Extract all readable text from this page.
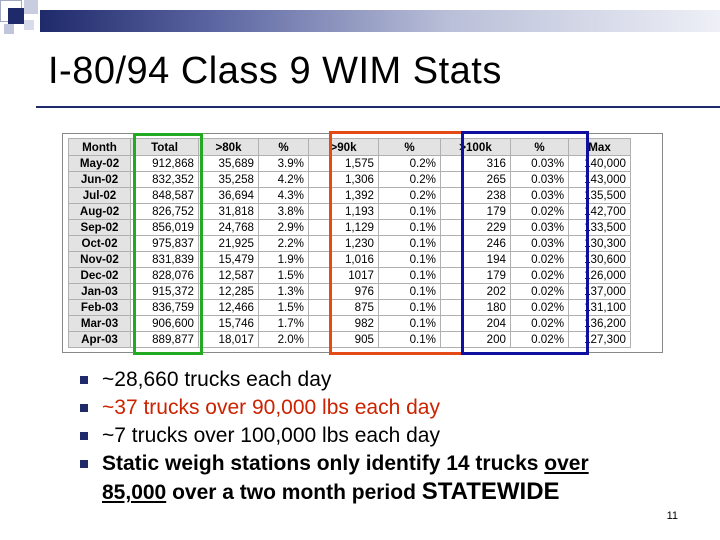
I-80/94 Class 9 WIM Stats
Month	Total	>80k	%	>90k	%	>100k	%	Max
May-02	912,868	35,689	3.9%	1,575	0.2%	316	0.03%	140,000
Jun-02	832,352	35,258	4.2%	1,306	0.2%	265	0.03%	143,000
Jul-02	848,587	36,694	4.3%	1,392	0.2%	238	0.03%	135,500
Aug-02	826,752	31,818	3.8%	1,193	0.1%	179	0.02%	142,700
Sep-02	856,019	24,768	2.9%	1,129	0.1%	229	0.03%	133,500
Oct-02	975,837	21,925	2.2%	1,230	0.1%	246	0.03%	130,300
Nov-02	831,839	15,479	1.9%	1,016	0.1%	194	0.02%	130,600
Dec-02	828,076	12,587	1.5%	1017	0.1%	179	0.02%	126,000
Jan-03	915,372	12,285	1.3%	976	0.1%	202	0.02%	137,000
Feb-03	836,759	12,466	1.5%	875	0.1%	180	0.02%	131,100
Mar-03	906,600	15,746	1.7%	982	0.1%	204	0.02%	136,200
Apr-03	889,877	18,017	2.0%	905	0.1%	200	0.02%	127,300
~28,660 trucks each day
~37 trucks over 90,000 lbs each day
~7 trucks over 100,000 lbs each day
Static weigh stations only identify 14 trucks over
85,000 over a two month period STATEWIDE
11
